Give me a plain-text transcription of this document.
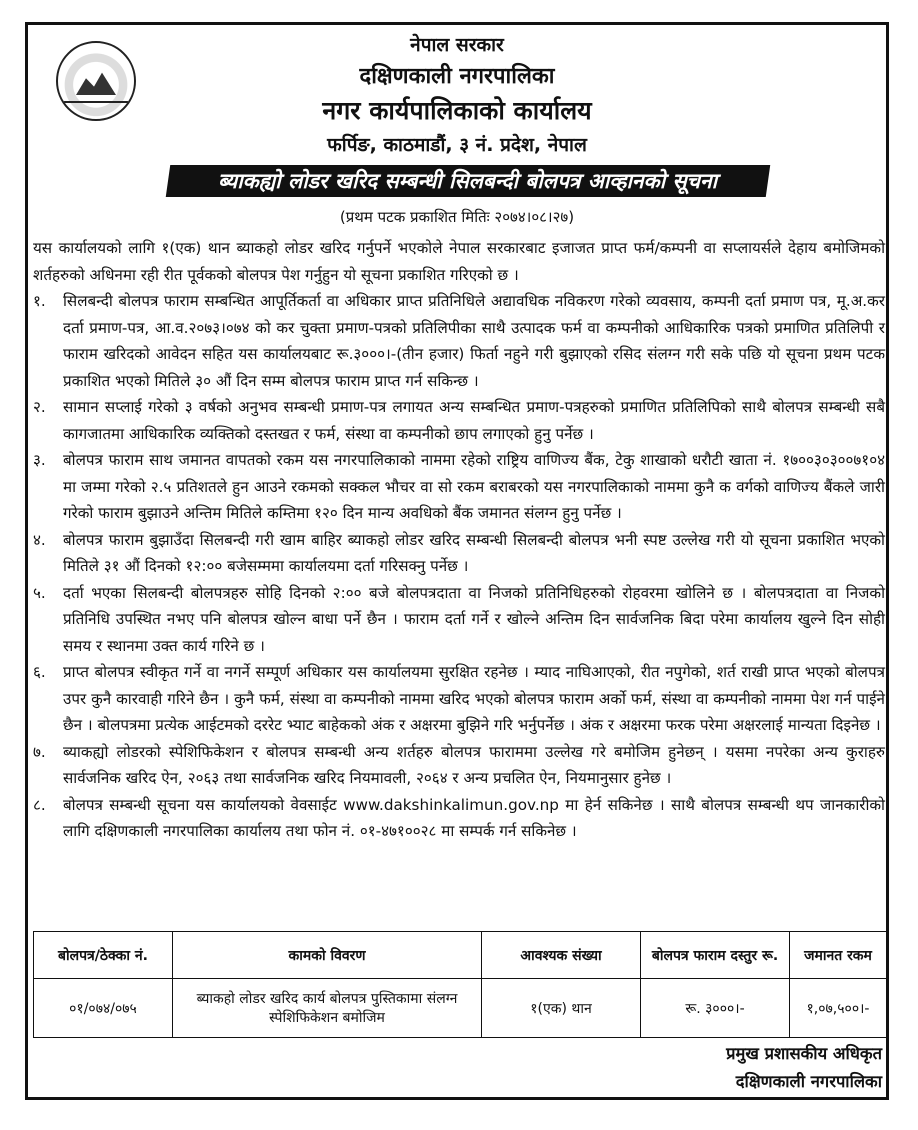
नेपाल सरकार
दक्षिणकाली नगरपालिका
नगर कार्यपालिकाको कार्यालय
फर्पिङ, काठमाडौं, ३ नं. प्रदेश, नेपाल
ब्याकह्यो लोडर खरिद सम्बन्धी सिलबन्दी बोलपत्र आव्हानको सूचना
(प्रथम पटक प्रकाशित मितिः २०७४।०८।२७)

यस कार्यालयको लागि १(एक) थान ब्याकहो लोडर खरिद गर्नुपर्ने भएकोले नेपाल सरकारबाट इजाजत प्राप्त फर्म/कम्पनी वा सप्लायर्सले देहाय बमोजिमको शर्तहरुको अधिनमा रही रीत पूर्वकको बोलपत्र पेश गर्नुहुन यो सूचना प्रकाशित गरिएको छ ।

१.	सिलबन्दी बोलपत्र फाराम सम्बन्धित आपूर्तिकर्ता वा अधिकार प्राप्त प्रतिनिधिले अद्यावधिक नविकरण गरेको व्यवसाय, कम्पनी दर्ता प्रमाण पत्र, मू.अ.कर दर्ता प्रमाण-पत्र, आ.व.२०७३।०७४ को कर चुक्ता प्रमाण-पत्रको प्रतिलिपीका साथै उत्पादक फर्म वा कम्पनीको आधिकारिक पत्रको प्रमाणित प्रतिलिपी र फाराम खरिदको आवेदन सहित यस कार्यालयबाट रू.३०००।-(तीन हजार) फिर्ता नहुने गरी बुझाएको रसिद संलग्न गरी सके पछि यो सूचना प्रथम पटक प्रकाशित भएको मितिले ३० औं दिन सम्म बोलपत्र फाराम प्राप्त गर्न सकिन्छ ।
२.	सामान सप्लाई गरेको ३ वर्षको अनुभव सम्बन्धी प्रमाण-पत्र लगायत अन्य सम्बन्धित प्रमाण-पत्रहरुको प्रमाणित प्रतिलिपिको साथै बोलपत्र सम्बन्धी सबै कागजातमा आधिकारिक व्यक्तिको दस्तखत र फर्म, संस्था वा कम्पनीको छाप लगाएको हुनु पर्नेछ ।
३.	बोलपत्र फाराम साथ जमानत वापतको रकम यस नगरपालिकाको नाममा रहेको राष्ट्रिय वाणिज्य बैंक, टेकु शाखाको धरौटी खाता नं. १७००३०३००७१०४ मा जम्मा गरेको २.५ प्रतिशतले हुन आउने रकमको सक्कल भौचर वा सो रकम बराबरको यस नगरपालिकाको नाममा कुनै क वर्गको वाणिज्य बैंकले जारी गरेको फाराम बुझाउने अन्तिम मितिले कम्तिमा १२० दिन मान्य अवधिको बैंक जमानत संलग्न हुनु पर्नेछ ।
४.	बोलपत्र फाराम बुझाउँदा सिलबन्दी गरी खाम बाहिर ब्याकहो लोडर खरिद सम्बन्धी सिलबन्दी बोलपत्र भनी स्पष्ट उल्लेख गरी यो सूचना प्रकाशित भएको मितिले ३१ औं दिनको १२:०० बजेसम्ममा कार्यालयमा दर्ता गरिसक्नु पर्नेछ ।
५.	दर्ता भएका सिलबन्दी बोलपत्रहरु सोहि दिनको २:०० बजे बोलपत्रदाता वा निजको प्रतिनिधिहरुको रोहवरमा खोलिने छ । बोलपत्रदाता वा निजको प्रतिनिधि उपस्थित नभए पनि बोलपत्र खोल्न बाधा पर्ने छैन । फाराम दर्ता गर्ने र खोल्ने अन्तिम दिन सार्वजनिक बिदा परेमा कार्यालय खुल्ने दिन सोही समय र स्थानमा उक्त कार्य गरिने छ ।
६.	प्राप्त बोलपत्र स्वीकृत गर्ने वा नगर्ने सम्पूर्ण अधिकार यस कार्यालयमा सुरक्षित रहनेछ । म्याद नाघिआएको, रीत नपुगेको, शर्त राखी प्राप्त भएको बोलपत्र उपर कुनै कारवाही गरिने छैन । कुनै फर्म, संस्था वा कम्पनीको नाममा खरिद भएको बोलपत्र फाराम अर्को फर्म, संस्था वा कम्पनीको नाममा पेश गर्न पाईने छैन । बोलपत्रमा प्रत्येक आईटमको दररेट भ्याट बाहेकको अंक र अक्षरमा बुझिने गरि भर्नुपर्नेछ । अंक र अक्षरमा फरक परेमा अक्षरलाई मान्यता दिइनेछ ।
७.	ब्याकह्यो लोडरको स्पेशिफिकेशन र बोलपत्र सम्बन्धी अन्य शर्तहरु बोलपत्र फाराममा उल्लेख गरे बमोजिम हुनेछन् । यसमा नपरेका अन्य कुराहरु सार्वजनिक खरिद ऐन, २०६३ तथा सार्वजनिक खरिद नियमावली, २०६४ र अन्य प्रचलित ऐन, नियमानुसार हुनेछ ।
८.	बोलपत्र सम्बन्धी सूचना यस कार्यालयको वेवसाईट www.dakshinkalimun.gov.np मा हेर्न सकिनेछ । साथै बोलपत्र सम्बन्धी थप जानकारीको लागि दक्षिणकाली नगरपालिका कार्यालय तथा फोन नं. ०१-४७१००२८ मा सम्पर्क गर्न सकिनेछ ।
बोलपत्र/ठेक्का नं.	कामको विवरण	आवश्यक संख्या	बोलपत्र फाराम दस्तुर रू.	जमानत रकम
०१/०७४/०७५	ब्याकहो लोडर खरिद कार्य बोलपत्र पुस्तिकामा संलग्न स्पेशिफिकेशन बमोजिम	१(एक) थान	रू. ३०००।-	१,०७,५००।-
प्रमुख प्रशासकीय अधिकृत
दक्षिणकाली नगरपालिका
